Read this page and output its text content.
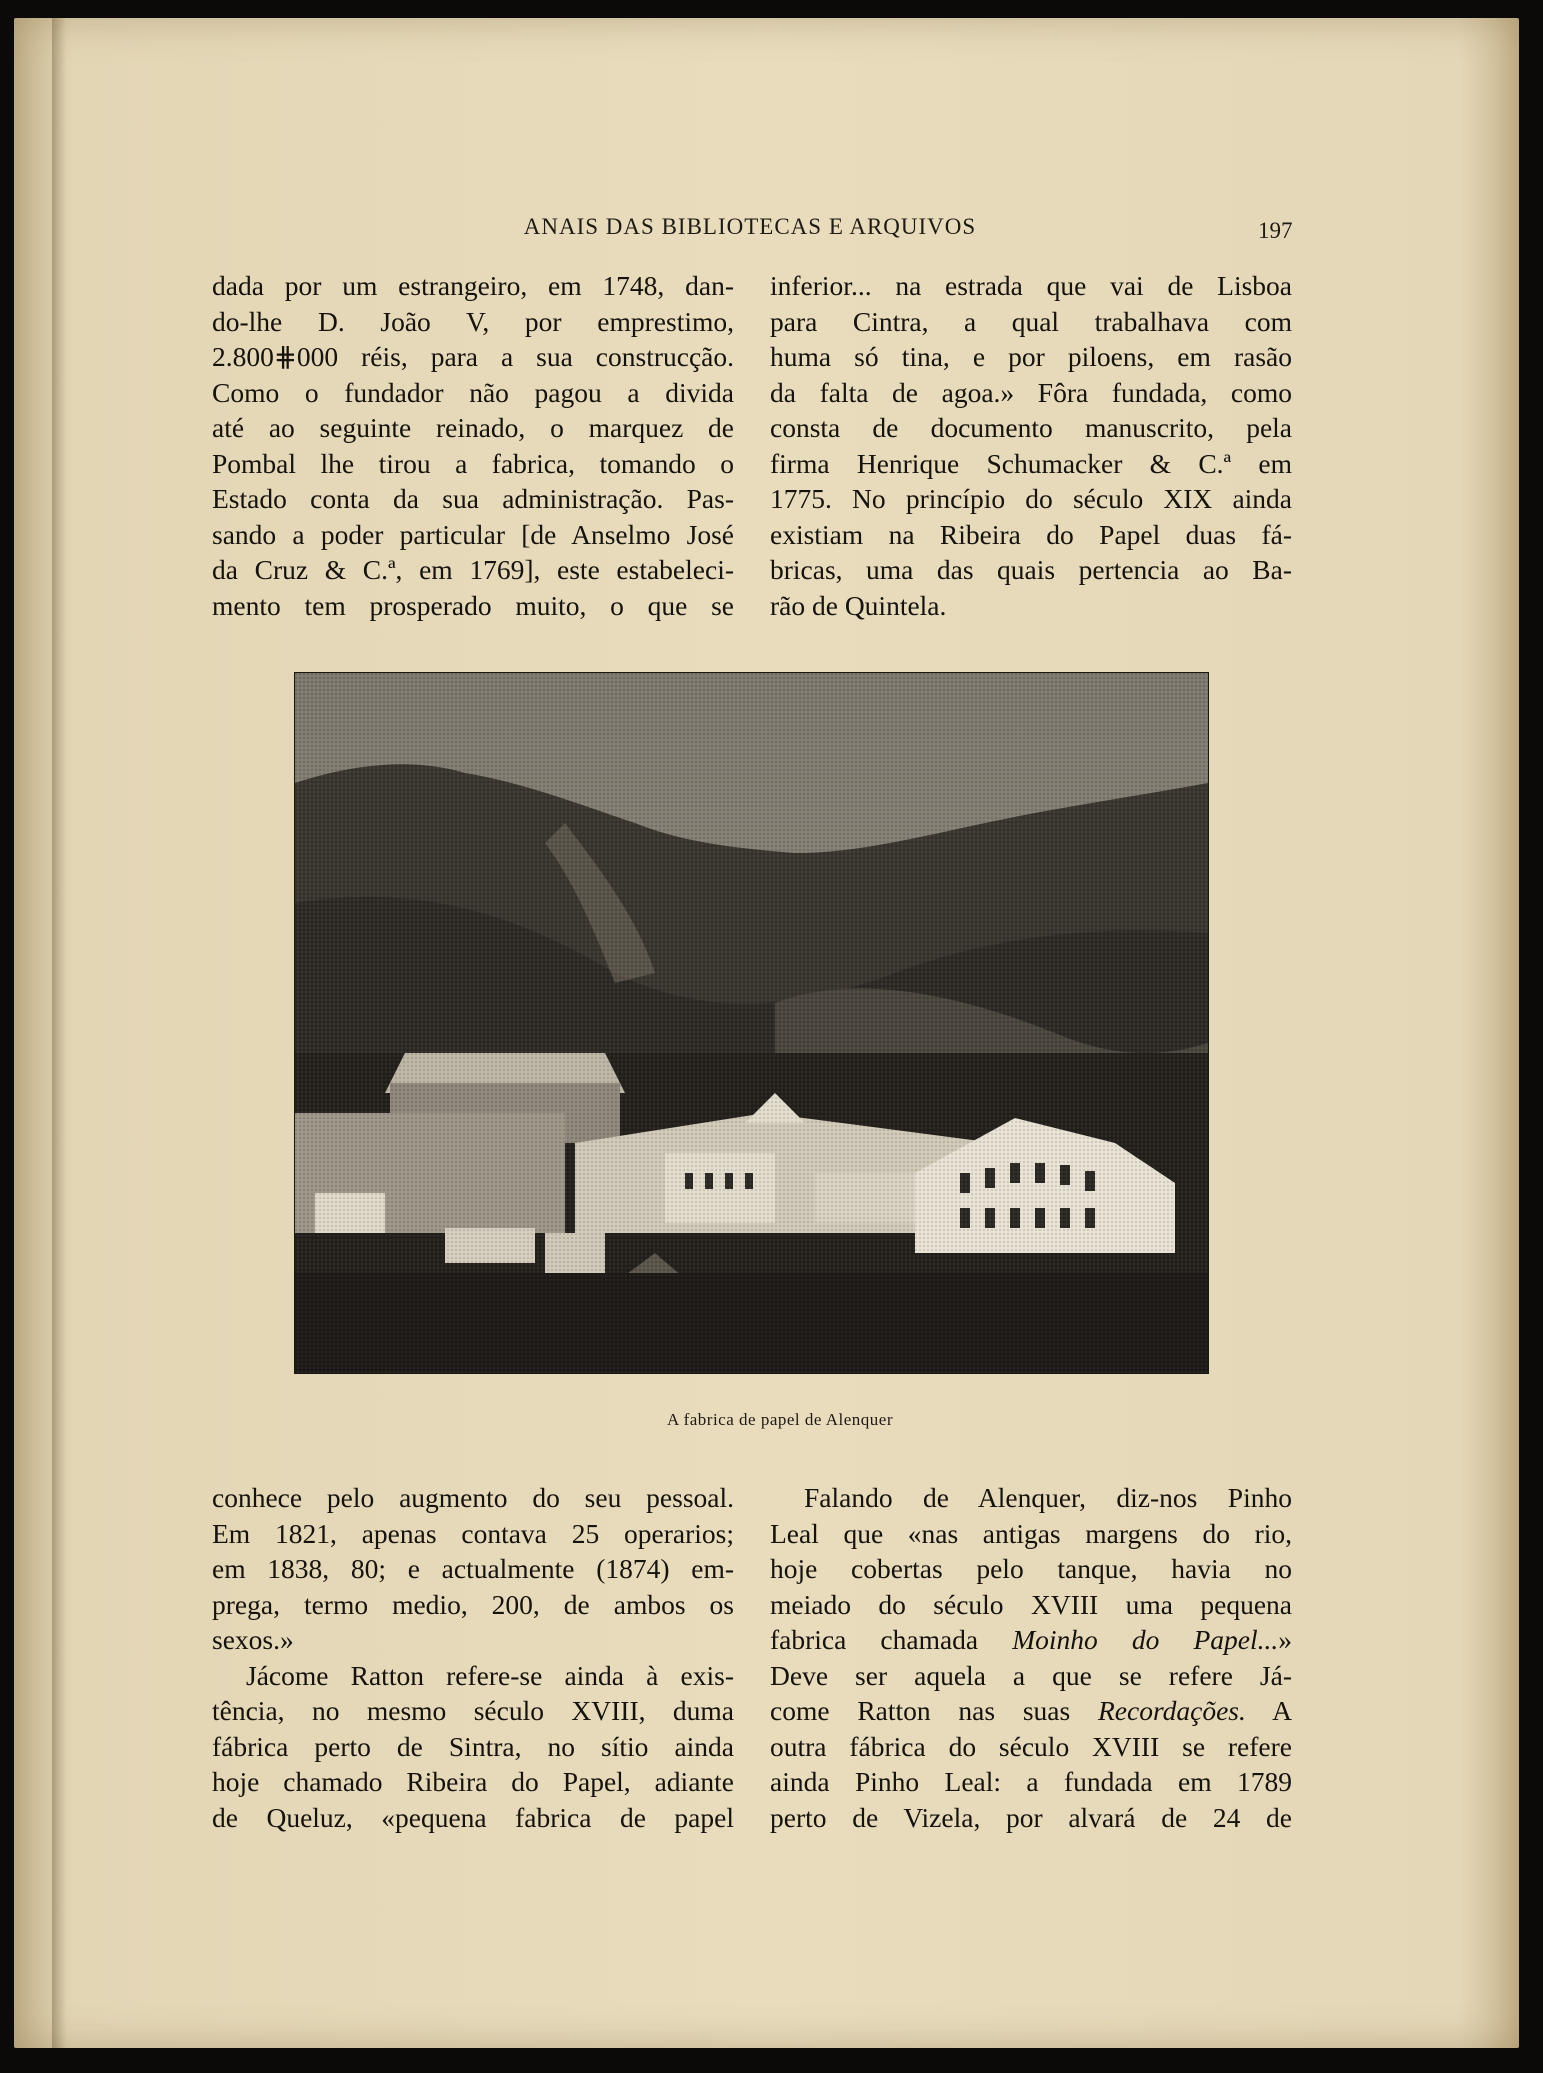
ANAIS DAS BIBLIOTECAS E ARQUIVOS	197
dada por um estrangeiro, em 1748, dan-
do-lhe D. João V, por emprestimo,
2.800⋕000 réis, para a sua construcção.
Como o fundador não pagou a divida
até ao seguinte reinado, o marquez de
Pombal lhe tirou a fabrica, tomando o
Estado conta da sua administração. Pas-
sando a poder particular [de Anselmo José
da Cruz & C.ª, em 1769], este estabeleci-
mento tem prosperado muito, o que se
inferior... na estrada que vai de Lisboa
para Cintra, a qual trabalhava com
huma só tina, e por piloens, em rasão
da falta de agoa.» Fôra fundada, como
consta de documento manuscrito, pela
firma Henrique Schumacker & C.ª em
1775. No princípio do século XIX ainda
existiam na Ribeira do Papel duas fá-
bricas, uma das quais pertencia ao Ba-
rão de Quintela.
A fabrica de papel de Alenquer
conhece pelo augmento do seu pessoal.
Em 1821, apenas contava 25 operarios;
em 1838, 80; e actualmente (1874) em-
prega, termo medio, 200, de ambos os
sexos.»
Jácome Ratton refere-se ainda à exis-
tência, no mesmo século XVIII, duma
fábrica perto de Sintra, no sítio ainda
hoje chamado Ribeira do Papel, adiante
de Queluz, «pequena fabrica de papel
Falando de Alenquer, diz-nos Pinho
Leal que «nas antigas margens do rio,
hoje cobertas pelo tanque, havia no
meiado do século XVIII uma pequena
fabrica chamada Moinho do Papel...»
Deve ser aquela a que se refere Já-
come Ratton nas suas Recordações. A
outra fábrica do século XVIII se refere
ainda Pinho Leal: a fundada em 1789
perto de Vizela, por alvará de 24 de
